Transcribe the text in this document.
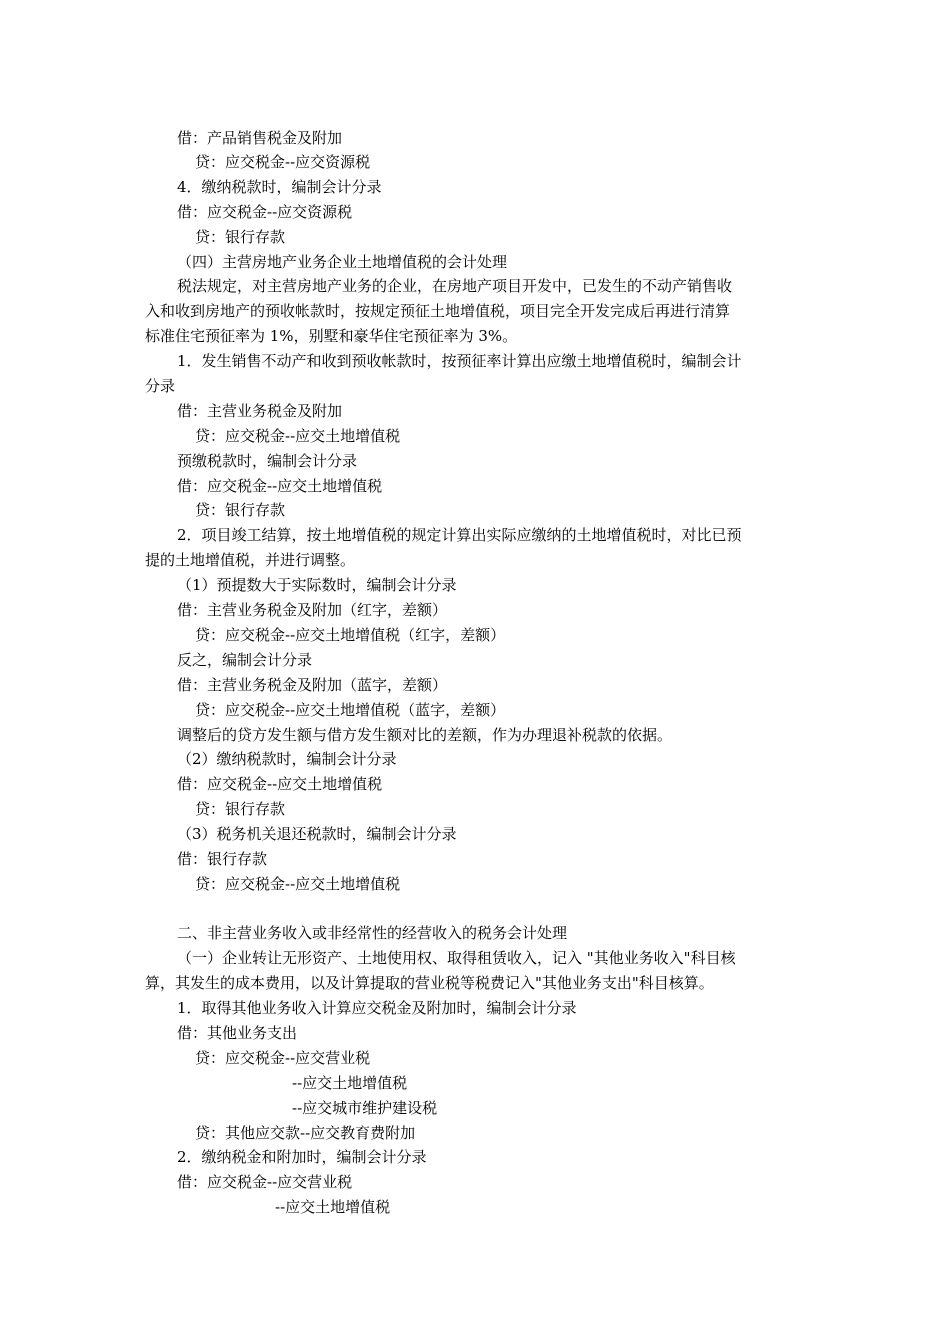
借：产品销售税金及附加
贷：应交税金--应交资源税
4．缴纳税款时，编制会计分录
借：应交税金--应交资源税
贷：银行存款
（四）主营房地产业务企业土地增值税的会计处理
税法规定，对主营房地产业务的企业，在房地产项目开发中，已发生的不动产销售收
入和收到房地产的预收帐款时，按规定预征土地增值税，项目完全开发完成后再进行清算
标准住宅预征率为 1%，别墅和豪华住宅预征率为 3%。
1．发生销售不动产和收到预收帐款时，按预征率计算出应缴土地增值税时，编制会计
分录
借：主营业务税金及附加
贷：应交税金--应交土地增值税
预缴税款时，编制会计分录
借：应交税金--应交土地增值税
贷：银行存款
2．项目竣工结算，按土地增值税的规定计算出实际应缴纳的土地增值税时，对比已预
提的土地增值税，并进行调整。
（1）预提数大于实际数时，编制会计分录
借：主营业务税金及附加（红字，差额）
贷：应交税金--应交土地增值税（红字，差额）
反之，编制会计分录
借：主营业务税金及附加（蓝字，差额）
贷：应交税金--应交土地增值税（蓝字，差额）
调整后的贷方发生额与借方发生额对比的差额，作为办理退补税款的依据。
（2）缴纳税款时，编制会计分录
借：应交税金--应交土地增值税
贷：银行存款
（3）税务机关退还税款时，编制会计分录
借：银行存款
贷：应交税金--应交土地增值税
二、非主营业务收入或非经常性的经营收入的税务会计处理
（一）企业转让无形资产、土地使用权、取得租赁收入，记入 "其他业务收入"科目核
算，其发生的成本费用，以及计算提取的营业税等税费记入"其他业务支出"科目核算。
1．取得其他业务收入计算应交税金及附加时，编制会计分录
借：其他业务支出
贷：应交税金--应交营业税
--应交土地增值税
--应交城市维护建设税
贷：其他应交款--应交教育费附加
2．缴纳税金和附加时，编制会计分录
借：应交税金--应交营业税
--应交土地增值税
